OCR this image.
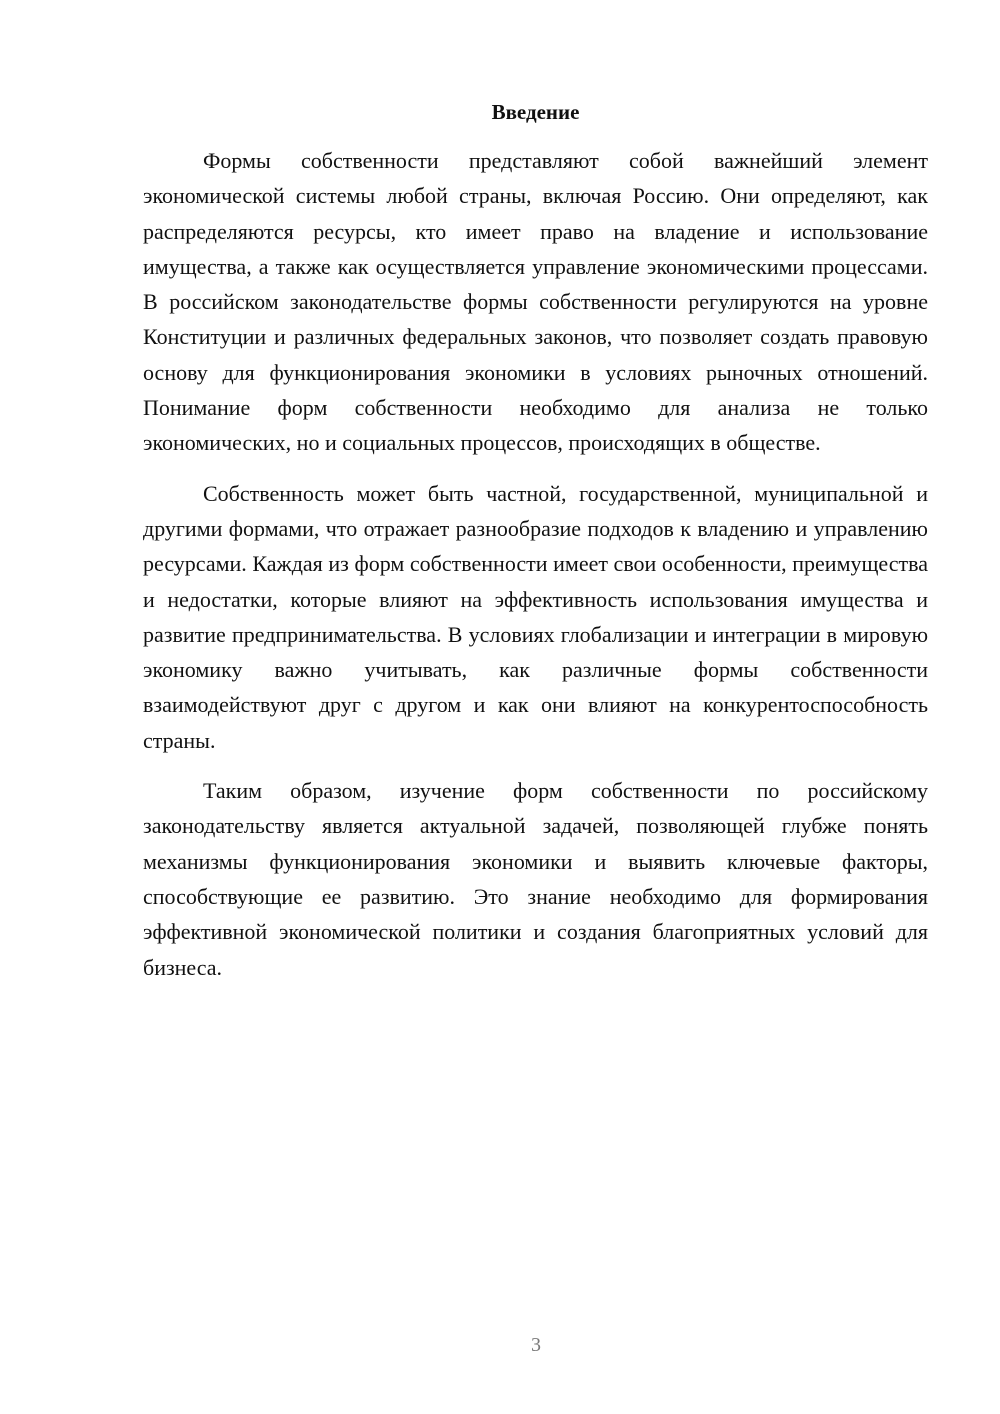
Введение

Формы собственности представляют собой важнейший элемент экономической системы любой страны, включая Россию. Они определяют, как распределяются ресурсы, кто имеет право на владение и использование имущества, а также как осуществляется управление экономическими процессами. В российском законодательстве формы собственности регулируются на уровне Конституции и различных федеральных законов, что позволяет создать правовую основу для функционирования экономики в условиях рыночных отношений. Понимание форм собственности необходимо для анализа не только экономических, но и социальных процессов, происходящих в обществе.

Собственность может быть частной, государственной, муниципальной и другими формами, что отражает разнообразие подходов к владению и управлению ресурсами. Каждая из форм собственности имеет свои особенности, преимущества и недостатки, которые влияют на эффективность использования имущества и развитие предпринимательства. В условиях глобализации и интеграции в мировую экономику важно учитывать, как различные формы собственности взаимодействуют друг с другом и как они влияют на конкурентоспособность страны.

Таким образом, изучение форм собственности по российскому законодательству является актуальной задачей, позволяющей глубже понять механизмы функционирования экономики и выявить ключевые факторы, способствующие ее развитию. Это знание необходимо для формирования эффективной экономической политики и создания благоприятных условий для бизнеса.

3
